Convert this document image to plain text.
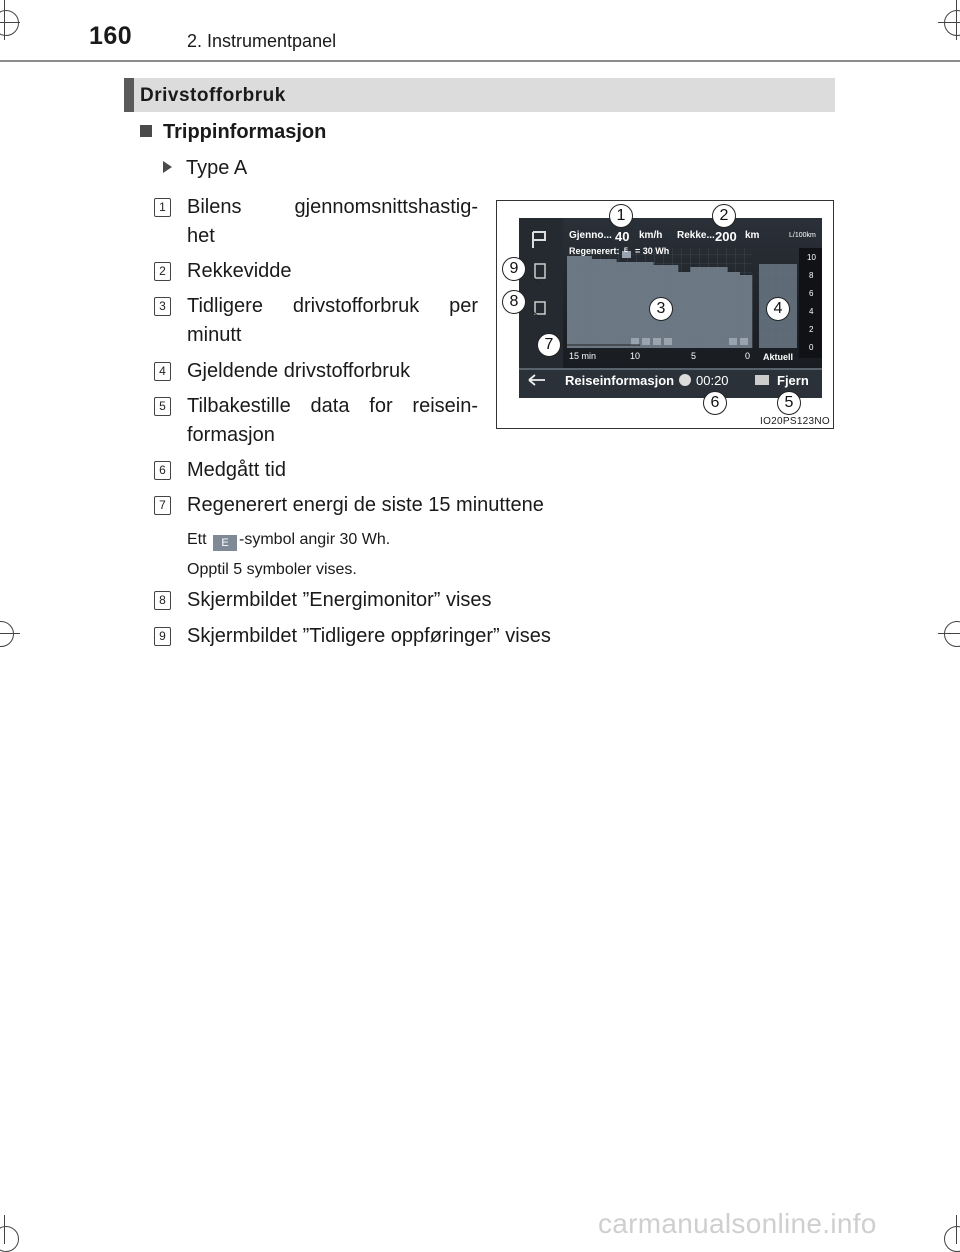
160	2. Instrumentpanel
Drivstofforbruk
Trippinformasjon
Type A
1 Bilens gjennomsnittshastig-
het
2 Rekkevidde
3 Tidligere drivstofforbruk per
minutt
4 Gjeldende drivstofforbruk
5 Tilbakestille data for reisein-
formasjon
6 Medgått tid
7 Regenerert energi de siste 15 minuttene
Ett E -symbol angir 30 Wh.
Opptil 5 symboler vises.
8 Skjermbildet ”Energimonitor” vises
9 Skjermbildet ”Tidligere oppføringer” vises
Gjenno... 40 km/h Rekke... 200 km	L/100km
Regenerert: E = 30 Wh
10
8
6
4
2
0
15 min	10	5	0 Aktuell
Reiseinformasjon 00:20	Fjern
1	2
3	4
5
6
7
8
9
IO20PS123NO
carmanualsonline.info
